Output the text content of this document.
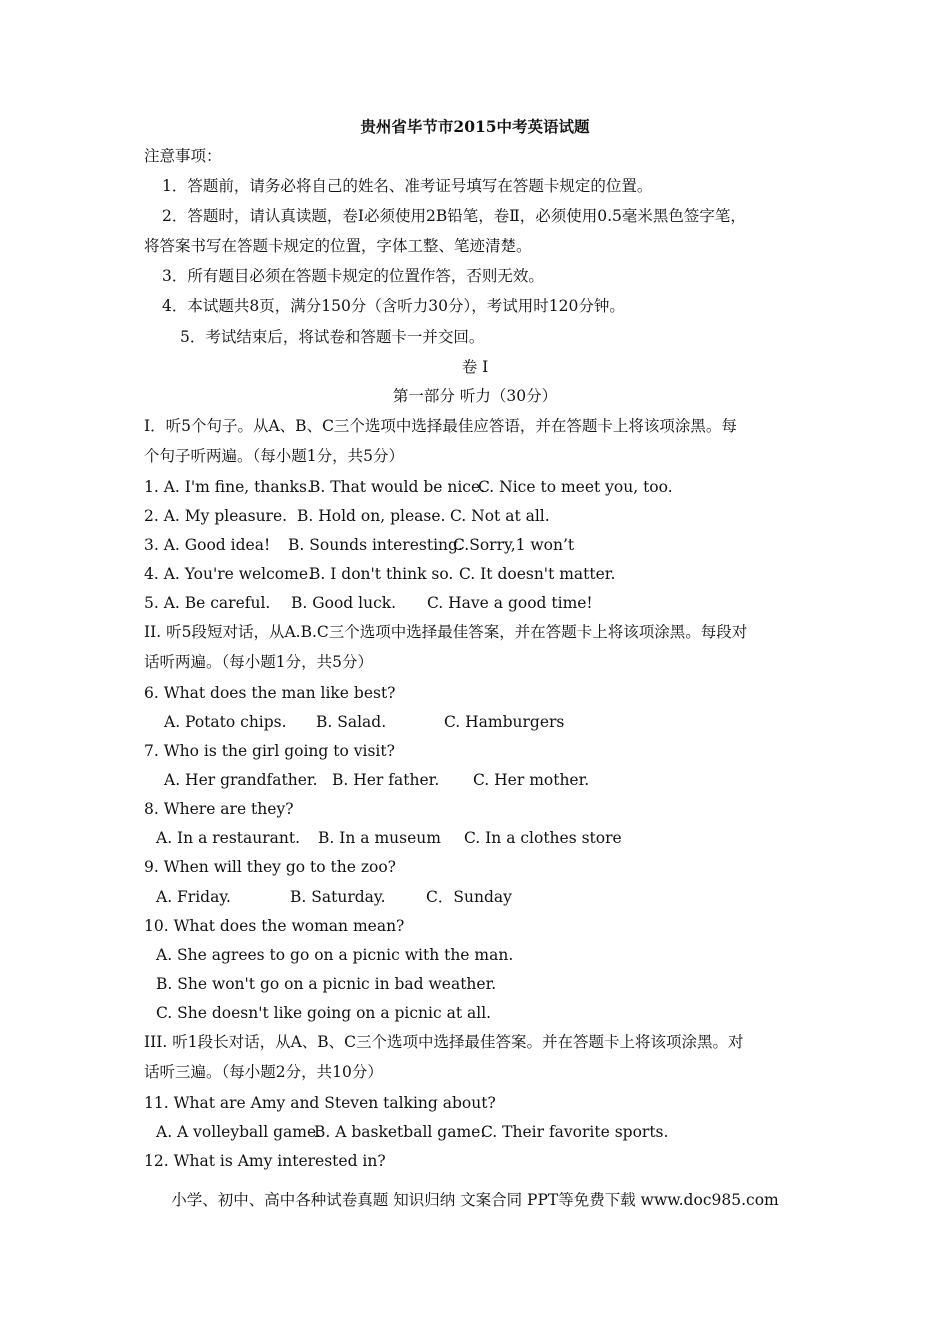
贵州省毕节市2015中考英语试题
注意事项：
1．答题前，请务必将自己的姓名、准考证号填写在答题卡规定的位置。
2．答题时，请认真读题，卷Ⅰ必须使用2B铅笔，卷Ⅱ，必须使用0.5毫米黑色签字笔，
将答案书写在答题卡规定的位置，字体工整、笔迹清楚。
3．所有题目必须在答题卡规定的位置作答，否则无效。
4．本试题共8页，满分150分（含听力30分），考试用时120分钟。
5．考试结束后，将试卷和答题卡一并交回。
卷 Ⅰ
第一部分 听力（30分）
I．听5个句子。从A、B、C三个选项中选择最佳应答语，并在答题卡上将该项涂黑。每
个句子听两遍。（每小题1分，共5分）
1. A. I'm fine, thanks.
B. That would be nice.
C. Nice to meet you, too.
2. A. My pleasure. B. Hold on, please. C. Not at all.
3. A. Good idea! B. Sounds interesting.
C.Sorry,1 won’t
4. A. You're welcome.
B. I don't think so. C. It doesn't matter.
5. A. Be careful. B. Good luck. C. Have a good time!
II. 听5段短对话，从A.B.C三个选项中选择最佳答案，并在答题卡上将该项涂黑。每段对
话听两遍。（每小题1分，共5分）
6. What does the man like best?
A. Potato chips. B. Salad.	C. Hamburgers
7. Who is the girl going to visit?
A. Her grandfather. B. Her father. C. Her mother.
8. Where are they?
A. In a restaurant. B. In a museum C. In a clothes store
9. When will they go to the zoo?
A. Friday.	B. Saturday.	C．Sunday
10. What does the woman mean?
A. She agrees to go on a picnic with the man.
B. She won't go on a picnic in bad weather.
C. She doesn't like going on a picnic at all.
III. 听1段长对话，从A、B、C三个选项中选择最佳答案。并在答题卡上将该项涂黑。对
话听三遍。（每小题2分，共10分）
11. What are Amy and Steven talking about?
A. A volleyball game.
B. A basketball game.
C. Their favorite sports.
12. What is Amy interested in?
小学、初中、高中各种试卷真题 知识归纳 文案合同 PPT等免费下载 www.doc985.com
